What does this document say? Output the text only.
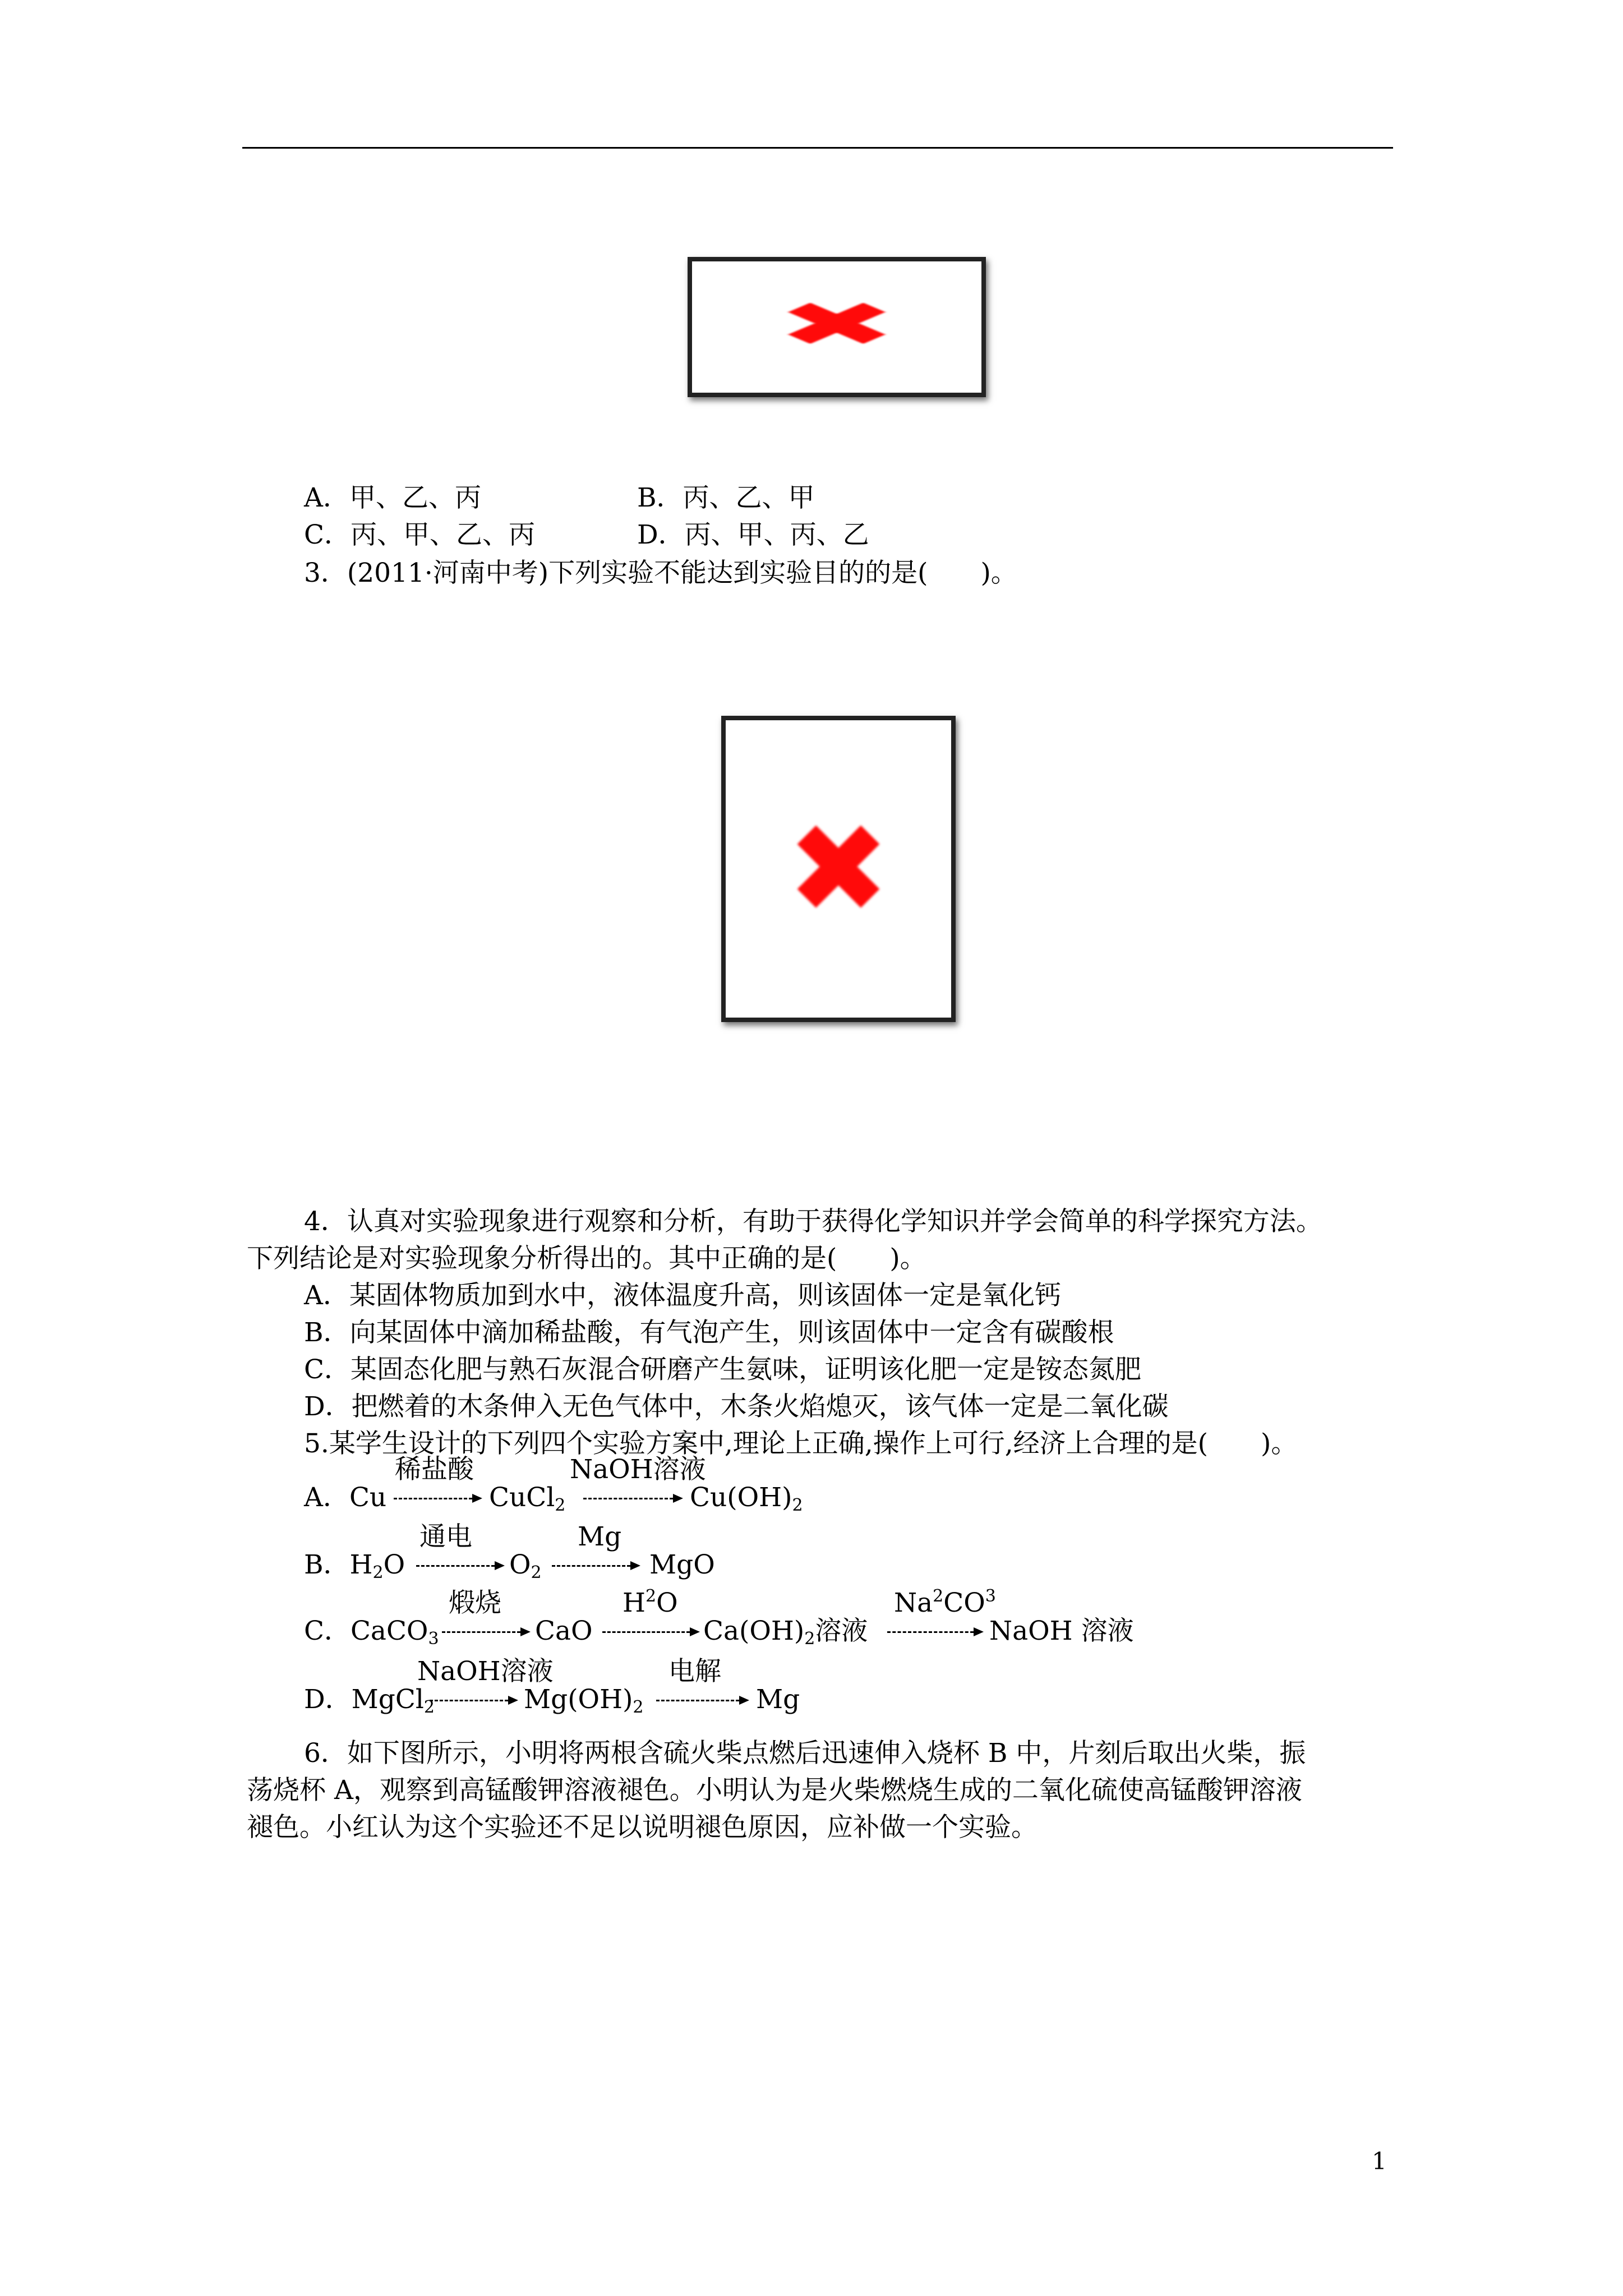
✖
A．甲、乙、丙	B．丙、乙、甲
C．丙、甲、乙、丙	D．丙、甲、丙、乙
3．(2011·河南中考)下列实验不能达到实验目的的是(　　)。
✖
4．认真对实验现象进行观察和分析，有助于获得化学知识并学会简单的科学探究方法。
下列结论是对实验现象分析得出的。其中正确的是(　　)。
A．某固体物质加到水中，液体温度升高，则该固体一定是氧化钙
B．向某固体中滴加稀盐酸，有气泡产生，则该固体中一定含有碳酸根
C．某固态化肥与熟石灰混合研磨产生氨味，证明该化肥一定是铵态氮肥
D．把燃着的木条伸入无色气体中，木条火焰熄灭，该气体一定是二氧化碳
5.某学生设计的下列四个实验方案中,理论上正确,操作上可行,经济上合理的是(　　)。
A．Cu
稀盐酸
→ CuCl$_2$
NaOH溶液
→ $Cu(OH)_2$
B．$H_2O$
通电
→ $O_2$
Mg
→ MgO
C．CaCO$_3$
煅烧
→ CaO
$H^2O$
→ $Ca(OH)_2$溶液
$Na^2CO^3$
→ NaOH 溶液
D．MgCl$_2$
NaOH溶液
→ $Mg(OH)_2$
电解
→ Mg
6．如下图所示，小明将两根含硫火柴点燃后迅速伸入烧杯 B 中，片刻后取出火柴，振
荡烧杯 A，观察到高锰酸钾溶液褪色。小明认为是火柴燃烧生成的二氧化硫使高锰酸钾溶液
褪色。小红认为这个实验还不足以说明褪色原因，应补做一个实验。
1
